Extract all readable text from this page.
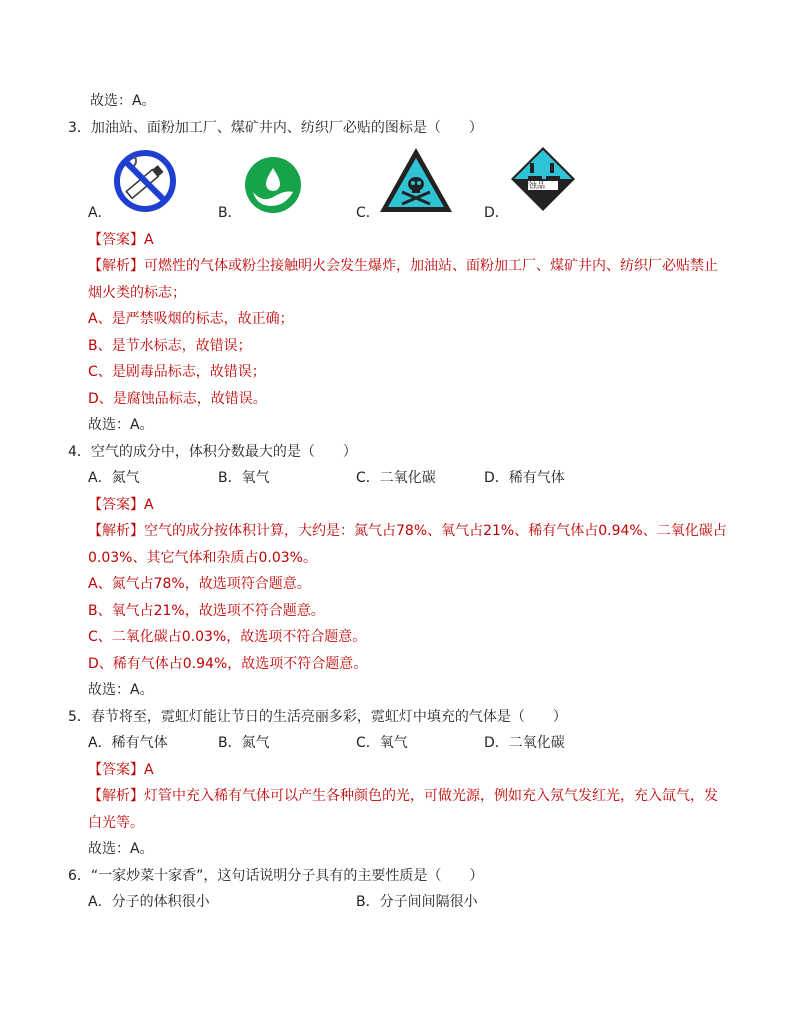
故选：A。
3．加油站、面粉加工厂、煤矿井内、纺织厂必贴的图标是（　　）
A．	B．	C．
腐蚀品
D．
【答案】A
【解析】可燃性的气体或粉尘接触明火会发生爆炸，加油站、面粉加工厂、煤矿井内、纺织厂必贴禁止
烟火类的标志；
A、是严禁吸烟的标志，故正确；
B、是节水标志，故错误；
C、是剧毒品标志，故错误；
D、是腐蚀品标志，故错误。
故选：A。
4．空气的成分中，体积分数最大的是（　　）
A．氮气	B．氧气	C．二氧化碳	D．稀有气体
【答案】A
【解析】空气的成分按体积计算，大约是：氮气占78%、氧气占21%、稀有气体占0.94%、二氧化碳占
0.03%、其它气体和杂质占0.03%。
A、氮气占78%，故选项符合题意。
B、氧气占21%，故选项不符合题意。
C、二氧化碳占0.03%，故选项不符合题意。
D、稀有气体占0.94%，故选项不符合题意。
故选：A。
5．春节将至，霓虹灯能让节日的生活亮丽多彩，霓虹灯中填充的气体是（　　）
A．稀有气体	B．氮气	C．氧气	D．二氧化碳
【答案】A
【解析】灯管中充入稀有气体可以产生各种颜色的光，可做光源，例如充入氖气发红光，充入氙气，发
白光等。
故选：A。
6．“一家炒菜十家香”，这句话说明分子具有的主要性质是（　　）
A．分子的体积很小	B．分子间间隔很小
